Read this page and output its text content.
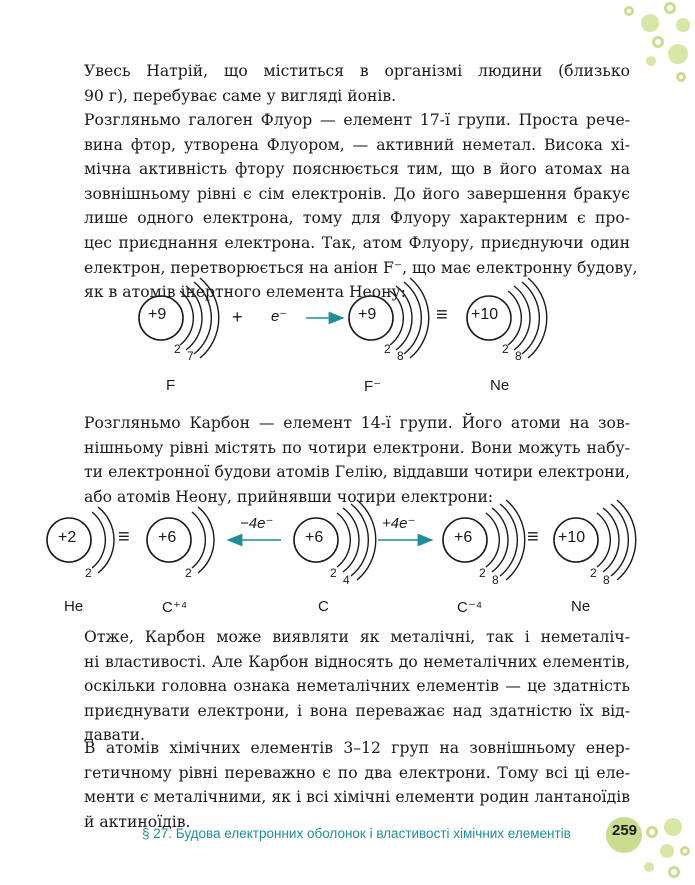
Увесь Натрій, що міститься в організмі людини (близько
90 г), перебуває саме у вигляді йонів.
Розгляньмо галоген Флуор — елемент 17-ї групи. Проста рече-
вина фтор, утворена Флуором, — активний неметал. Висока хі-
мічна активність фтору пояснюється тим, що в його атомах на
зовнішньому рівні є сім електронів. До його завершення бракує
лише одного електрона, тому для Флуору характерним є про-
цес приєднання електрона. Так, атом Флуору, приєднуючи один
електрон, перетворюється на аніон F⁻, що має електронну будову,
як в атомів інертного елемента Неону:
+9
2 7
F
+ e⁻	+9
2 8
F⁻
≡ +10
2 8
Ne
Розгляньмо Карбон — елемент 14-ї групи. Його атоми на зов-
нішньому рівні містять по чотири електрони. Вони можуть набу-
ти електронної будови атомів Гелію, віддавши чотири електрони,
або атомів Неону, прийнявши чотири електрони:
+2
2
He
≡ +6
2
C⁺⁴
−4e⁻
+6
2 4
C
+4e⁻
+6
2 8
C⁻⁴
≡ +10
2 8
Ne
Отже, Карбон може виявляти як металічні, так і неметаліч-
ні властивості. Але Карбон відносять до неметалічних елементів,
оскільки головна ознака неметалічних елементів — це здатність
приєднувати електрони, і вона переважає над здатністю їх від-
давати.
В атомів хімічних елементів 3–12 груп на зовнішньому енер-
гетичному рівні переважно є по два електрони. Тому всі ці еле-
менти є металічними, як і всі хімічні елементи родин лантаноїдів
й актиноїдів.
§ 27. Будова електронних оболонок і властивості хімічних елементів	259
